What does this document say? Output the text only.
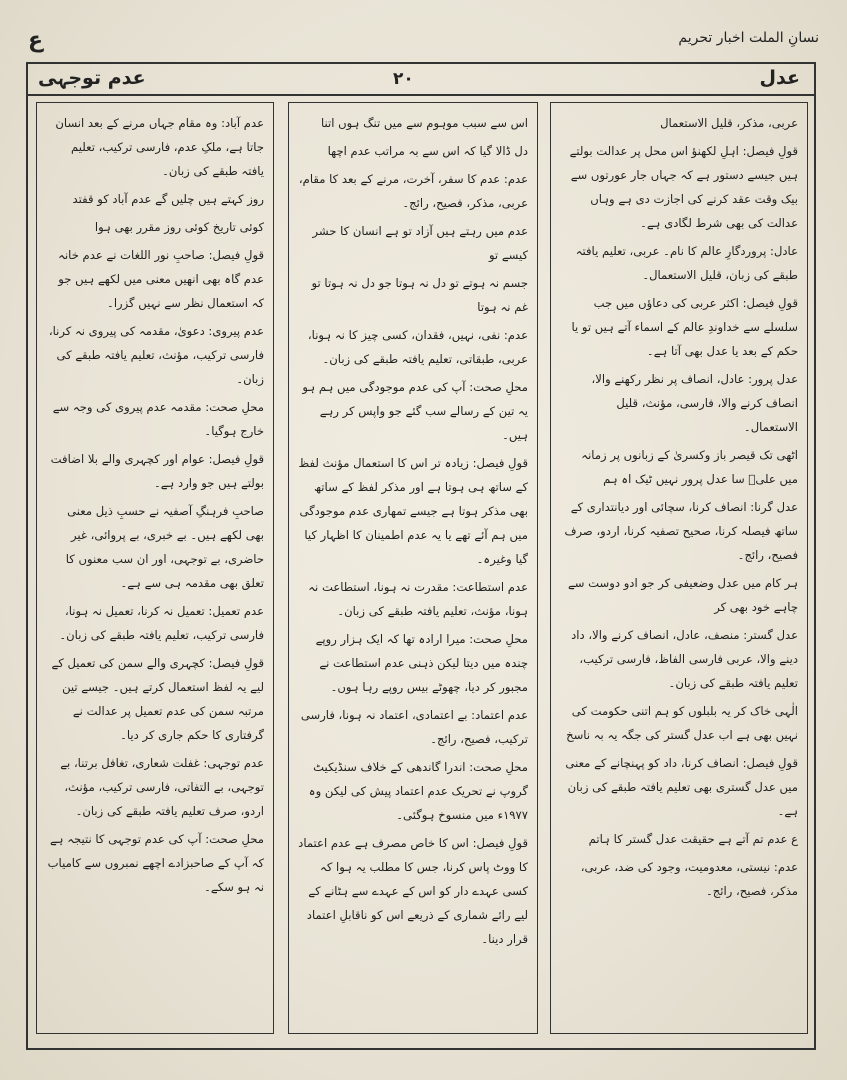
ع	نسانِ الملت اخبار تحریم
عدم توجہی	۲۰	عدل

عربی، مذکر، قلیل الاستعمال

قولِ فیصل: اہلِ لکھنؤ اس محل پر عدالت بولتے ہیں جیسے دستور ہے کہ جہاں جار عورتوں سے بیک وقت عقد کرنے کی اجازت دی ہے وہاں عدالت کی بھی شرط لگادی ہے۔

عادل: پروردگارِ عالم کا نام۔ عربی، تعلیم یافتہ طبقے کی زبان، قلیل الاستعمال۔

قولِ فیصل: اکثر عربی کی دعاؤں میں جب سلسلے سے خداوندِ عالم کے اسماء آتے ہیں تو یا حکم کے بعد یا عدل بھی آتا ہے۔

عدل پرور: عادل، انصاف پر نظر رکھنے والا، انصاف کرنے والا، فارسی، مؤنث، قلیل الاستعمال۔

اٹھی تک قیصر باز وکسریٰ کے زبانوں پر زمانہ میں علیؓ سا عدل پرور نہیں ٹیک اہ ہم

عدل گرنا: انصاف کرنا، سچائی اور دیانتداری کے ساتھ فیصلہ کرنا، صحیح تصفیہ کرنا، اردو، صرف فصیح، رائج۔

ہر کام میں عدل وضعیفی کر جو ادو دوست سے چاہے خود بھی کر

عدل گستر: منصف، عادل، انصاف کرنے والا، داد دینے والا، عربی فارسی الفاظ، فارسی ترکیب، تعلیم یافتہ طبقے کی زبان۔

الٰہی خاک کر یہ بلبلوں کو ہم اتنی حکومت کی نہیں بھی ہے اب عدل گستر کی جگہ یہ بہ ناسخ

قولِ فیصل: انصاف کرنا، داد کو پہنچانے کے معنی میں عدل گستری بھی تعلیم یافتہ طبقے کی زبان ہے۔

ع عدم تم آتے ہے حقیقت عدل گستر کا ہاتم

عدم: نیستی، معدومیت، وجود کی ضد، عربی، مذکر، فصیح، رائج۔

اس سے سبب موہوم سے میں تنگ ہوں اتنا

دل ڈالا گیا کہ اس سے بہ مراتب عدم اچھا

عدم: عدم کا سفر، آخرت، مرنے کے بعد کا مقام، عربی، مذکر، فصیح، رائج۔

عدم میں رہتے ہیں آزاد تو ہے انسان کا حشر کیسے تو

جسم نہ ہوتے تو دل نہ ہوتا جو دل نہ ہوتا تو غم نہ ہوتا

عدم: نفی، نہیں، فقدان، کسی چیز کا نہ ہونا، عربی، طبقاتی، تعلیم یافتہ طبقے کی زبان۔

محلِ صحت: آپ کی عدم موجودگی میں ہم ہو یہ تین کے رسالے سب گئے جو واپس کر رہے ہیں۔

قولِ فیصل: زیادہ تر اس کا استعمال مؤنث لفظ کے ساتھ ہی ہوتا ہے اور مذکر لفظ کے ساتھ بھی مذکر ہوتا ہے جیسے تمھاری عدم موجودگی میں ہم آئے تھے یا یہ عدم اطمینان کا اظہار کیا گیا وغیرہ۔

عدم استطاعت: مقدرت نہ ہونا، استطاعت نہ ہونا، مؤنث، تعلیم یافتہ طبقے کی زبان۔

محلِ صحت: میرا ارادہ تھا کہ ایک ہزار روپے چندہ میں دیتا لیکن ذہنی عدم استطاعت نے مجبور کر دیا، چھوٹے بیس روپے رہا ہوں۔

عدم اعتماد: بے اعتمادی، اعتماد نہ ہونا، فارسی ترکیب، فصیح، رائج۔

محلِ صحت: اندرا گاندھی کے خلاف سنڈیکیٹ گروپ نے تحریک عدم اعتماد پیش کی لیکن وہ ۱۹۷۷ء میں منسوخ ہوگئی۔

قولِ فیصل: اس کا خاص مصرف ہے عدم اعتماد کا ووٹ پاس کرنا، جس کا مطلب یہ ہوا کہ کسی عہدے دار کو اس کے عہدے سے ہٹانے کے لیے رائے شماری کے ذریعے اس کو ناقابلِ اعتماد قرار دینا۔

عدم آباد: وہ مقام جہاں مرنے کے بعد انسان جاتا ہے، ملکِ عدم، فارسی ترکیب، تعلیم یافتہ طبقے کی زبان۔

روز کہتے ہیں چلیں گے عدم آباد کو قفتد

کوئی تاریخ کوئی روز مقرر بھی ہوا

قولِ فیصل: صاحبِ نور اللغات نے عدم خانہ عدم گاہ بھی انھیں معنی میں لکھے ہیں جو کہ استعمال نظر سے نہیں گزرا۔

عدم پیروی: دعویٰ، مقدمہ کی پیروی نہ کرنا، فارسی ترکیب، مؤنث، تعلیم یافتہ طبقے کی زبان۔

محلِ صحت: مقدمہ عدم پیروی کی وجہ سے خارج ہوگیا۔

قولِ فیصل: عوام اور کچہری والے بلا اضافت بولتے ہیں جو وارد ہے۔

صاحبِ فرہنگِ آصفیہ نے حسبِ ذیل معنی بھی لکھے ہیں۔ بے خبری، بے پروائی، غیر حاضری، بے توجہی، اور ان سب معنوں کا تعلق بھی مقدمہ ہی سے ہے۔

عدم تعمیل: تعمیل نہ کرنا، تعمیل نہ ہونا، فارسی ترکیب، تعلیم یافتہ طبقے کی زبان۔

قولِ فیصل: کچہری والے سمن کی تعمیل کے لیے یہ لفظ استعمال کرتے ہیں۔ جیسے تین مرتبہ سمن کی عدم تعمیل پر عدالت نے گرفتاری کا حکم جاری کر دیا۔

عدم توجہی: غفلت شعاری، تغافل برتنا، بے توجہی، بے التفاتی، فارسی ترکیب، مؤنث، اردو، صرف تعلیم یافتہ طبقے کی زبان۔

محلِ صحت: آپ کی عدم توجہی کا نتیجہ ہے کہ آپ کے صاحبزادے اچھے نمبروں سے کامیاب نہ ہو سکے۔
